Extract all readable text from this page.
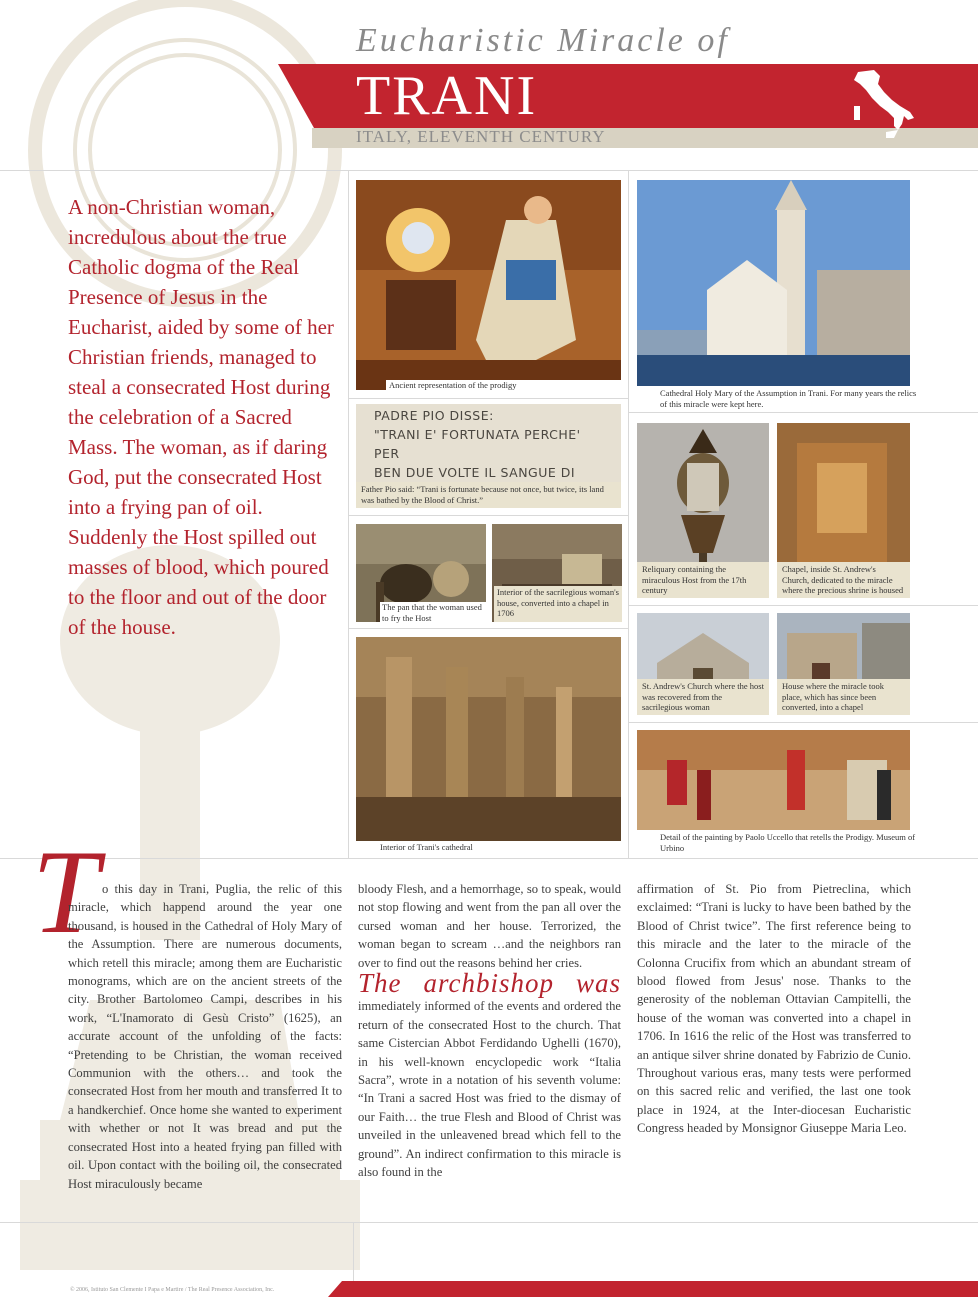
Eucharistic Miracle of
TRANI
ITALY, ELEVENTH CENTURY

A non-Christian woman, incredulous about the true Catholic dogma of the Real Presence of Jesus in the Eucharist, aided by some of her Christian friends, managed to steal a consecrated Host during the celebration of a Sacred Mass. The woman, as if daring God, put the consecrated Host into a frying pan of oil. Suddenly the Host spilled out masses of blood, which poured to the floor and out of the door of the house.

Ancient representation of the prodigy
Cathedral Holy Mary of the Assumption in Trani. For many years the relics of this miracle were kept here.
PADRE PIO DISSE:
"TRANI E' FORTUNATA PERCHE' PER
BEN DUE VOLTE IL SANGUE DI
Father Pio said: “Trani is fortunate because not once, but twice, its land was bathed by the Blood of Christ.”
The pan that the woman used to fry the Host
Interior of the sacrilegious woman's house, converted into a chapel in 1706
Reliquary containing the miraculous Host from the 17th century
Chapel, inside St. Andrew's Church, dedicated to the miracle where the precious shrine is housed
St. Andrew's Church where the host was recovered from the sacrilegious woman
House where the miracle took place, which has since been converted, into a chapel
Interior of Trani's cathedral
Detail of the painting by Paolo Uccello that retells the Prodigy. Museum of Urbino
T o this day in Trani, Puglia, the relic of this miracle, which happend around the year one thousand, is housed in the Cathedral of Holy Mary of the Assumption. There are numerous documents, which retell this miracle; among them are Eucharistic monograms, which are on the ancient streets of the city. Brother Bartolomeo Campi, describes in his work, “L'Inamorato di Gesù Cristo” (1625), an accurate account of the unfolding of the facts: “Pretending to be Christian, the woman received Communion with the others… and took the consecrated Host from her mouth and transferred It to a handkerchief. Once home she wanted to experiment with whether or not It was bread and put the consecrated Host into a heated frying pan filled with oil. Upon contact with the boiling oil, the consecrated Host miraculously became

bloody Flesh, and a hemorrhage, so to speak, would not stop flowing and went from the pan all over the cursed woman and her house. Terrorized, the woman began to scream …and the neighbors ran over to find out the reasons behind her cries.

The archbishop was immediately informed of the events and ordered the return of the consecrated Host to the church. That same Cistercian Abbot Ferdidando Ughelli (1670), in his well-known encyclopedic work “Italia Sacra”, wrote in a notation of his seventh volume: “In Trani a sacred Host was fried to the dismay of our Faith… the true Flesh and Blood of Christ was unveiled in the unleavened bread which fell to the ground”. An indirect confirmation to this miracle is also found in the

affirmation of St. Pio from Pietreclina, which exclaimed: “Trani is lucky to have been bathed by the Blood of Christ twice”. The first reference being to this miracle and the later to the miracle of the Colonna Crucifix from which an abundant stream of blood flowed from Jesus' nose. Thanks to the generosity of the nobleman Ottavian Campitelli, the house of the woman was converted into a chapel in 1706. In 1616 the relic of the Host was transferred to an antique silver shrine donated by Fabrizio de Cunio. Throughout various eras, many tests were performed on this sacred relic and verified, the last one took place in 1924, at the Inter-diocesan Eucharistic Congress headed by Monsignor Giuseppe Maria Leo.

© 2006, Istituto San Clemente I Papa e Martire / The Real Presence Association, Inc.
